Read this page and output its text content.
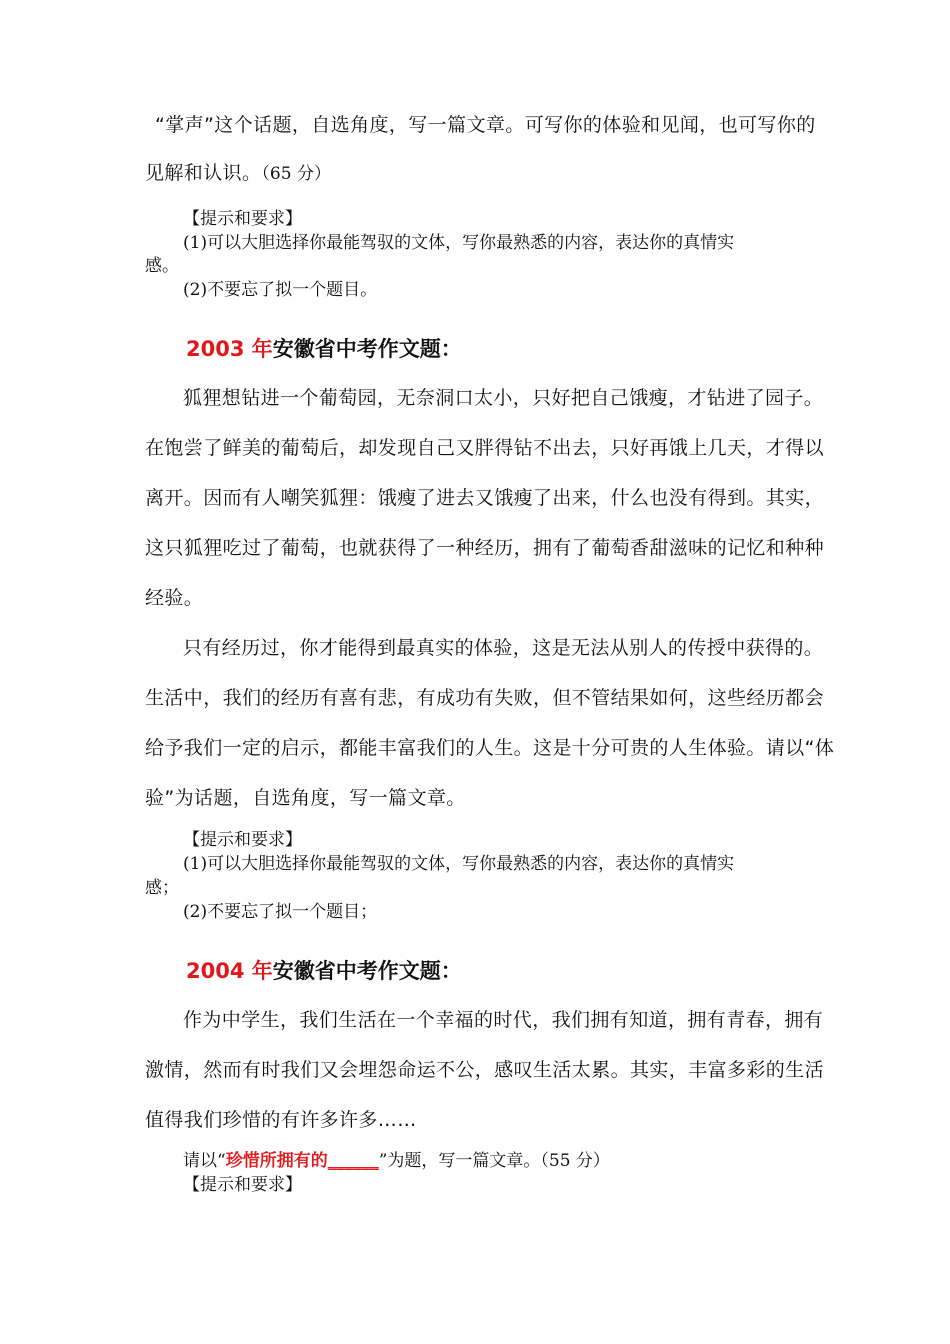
“掌声”这个话题，自选角度，写一篇文章。可写你的体验和见闻，也可写你的

见解和认识。（65 分）

【提示和要求】

(1)可以大胆选择你最能驾驭的文体，写你最熟悉的内容，表达你的真情实

感。

(2)不要忘了拟一个题目。

2003 年安徽省中考作文题：

狐狸想钻进一个葡萄园，无奈洞口太小，只好把自己饿瘦，才钻进了园子。

在饱尝了鲜美的葡萄后，却发现自己又胖得钻不出去，只好再饿上几天，才得以

离开。因而有人嘲笑狐狸：饿瘦了进去又饿瘦了出来，什么也没有得到。其实，

这只狐狸吃过了葡萄，也就获得了一种经历，拥有了葡萄香甜滋味的记忆和种种

经验。

只有经历过，你才能得到最真实的体验，这是无法从别人的传授中获得的。

生活中，我们的经历有喜有悲，有成功有失败，但不管结果如何，这些经历都会

给予我们一定的启示，都能丰富我们的人生。这是十分可贵的人生体验。请以“体

验”为话题，自选角度，写一篇文章。

【提示和要求】

(1)可以大胆选择你最能驾驭的文体，写你最熟悉的内容，表达你的真情实

感；

(2)不要忘了拟一个题目；

2004 年安徽省中考作文题：

作为中学生，我们生活在一个幸福的时代，我们拥有知道，拥有青春，拥有

激情，然而有时我们又会埋怨命运不公，感叹生活太累。其实，丰富多彩的生活

值得我们珍惜的有许多许多……

请以“珍惜所拥有的______”为题，写一篇文章。（55 分）

【提示和要求】
